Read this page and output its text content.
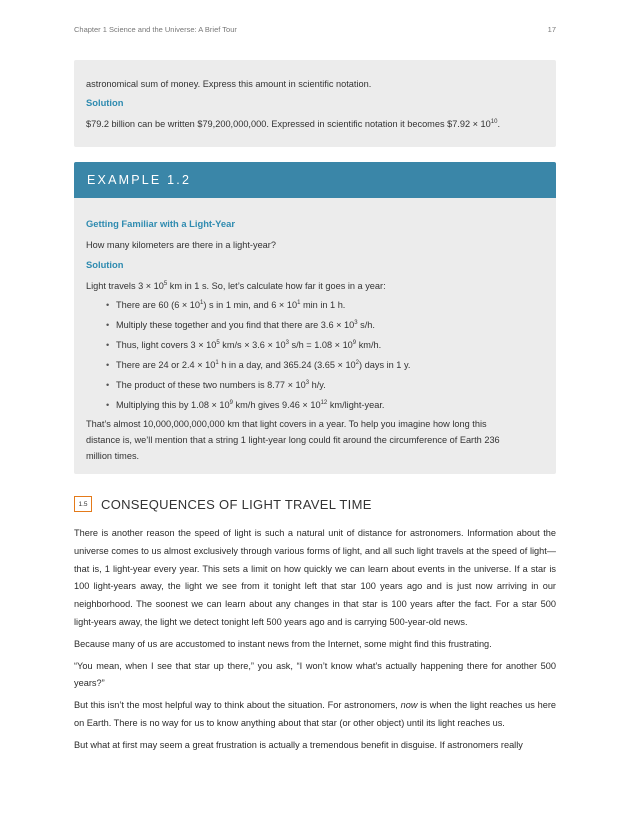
Chapter 1 Science and the Universe: A Brief Tour	17

astronomical sum of money. Express this amount in scientific notation.

Solution

$79.2 billion can be written $79,200,000,000. Expressed in scientific notation it becomes $7.92 × $10^{10}$.

EXAMPLE 1.2

Getting Familiar with a Light-Year

How many kilometers are there in a light-year?

Solution

Light travels $3 \times 10^5$ km in 1 s. So, let’s calculate how far it goes in a year:

• There are 60 $(6 \times 10^1)$ s in 1 min, and $6 \times 10^1$ min in 1 h.
• Multiply these together and you find that there are $3.6 \times 10^3$ s/h.
• Thus, light covers $3 \times 10^5$ $km/s \times 3.6 \times 10^3$ $s/h = 1.08 \times 10^9$ km/h.
• There are 24 or $2.4 \times 10^1$ h in a day, and 365.24 $(3.65 \times 10^2)$ days in 1 y.
• The product of these two numbers is $8.77 \times 10^3$ h/y.
• Multiplying this by $1.08 \times 10^9$ km/h gives $9.46 \times 10^{12}$ km/light-year.

That’s almost 10,000,000,000,000 km that light covers in a year. To help you imagine how long this

distance is, we’ll mention that a string 1 light-year long could fit around the circumference of Earth 236

million times.

1.5	CONSEQUENCES OF LIGHT TRAVEL TIME

There is another reason the speed of light is such a natural unit of distance for astronomers. Information about the universe comes to us almost exclusively through various forms of light, and all such light travels at the speed of light—that is, 1 light-year every year. This sets a limit on how quickly we can learn about events in the universe. If a star is 100 light-years away, the light we see from it tonight left that star 100 years ago and is just now arriving in our neighborhood. The soonest we can learn about any changes in that star is 100 years after the fact. For a star 500 light-years away, the light we detect tonight left 500 years ago and is carrying 500-year-old news.

Because many of us are accustomed to instant news from the Internet, some might find this frustrating.

“You mean, when I see that star up there,” you ask, “I won’t know what’s actually happening there for another 500 years?”

But this isn’t the most helpful way to think about the situation. For astronomers, now is when the light reaches us here on Earth. There is no way for us to know anything about that star (or other object) until its light reaches us.

But what at first may seem a great frustration is actually a tremendous benefit in disguise. If astronomers really
